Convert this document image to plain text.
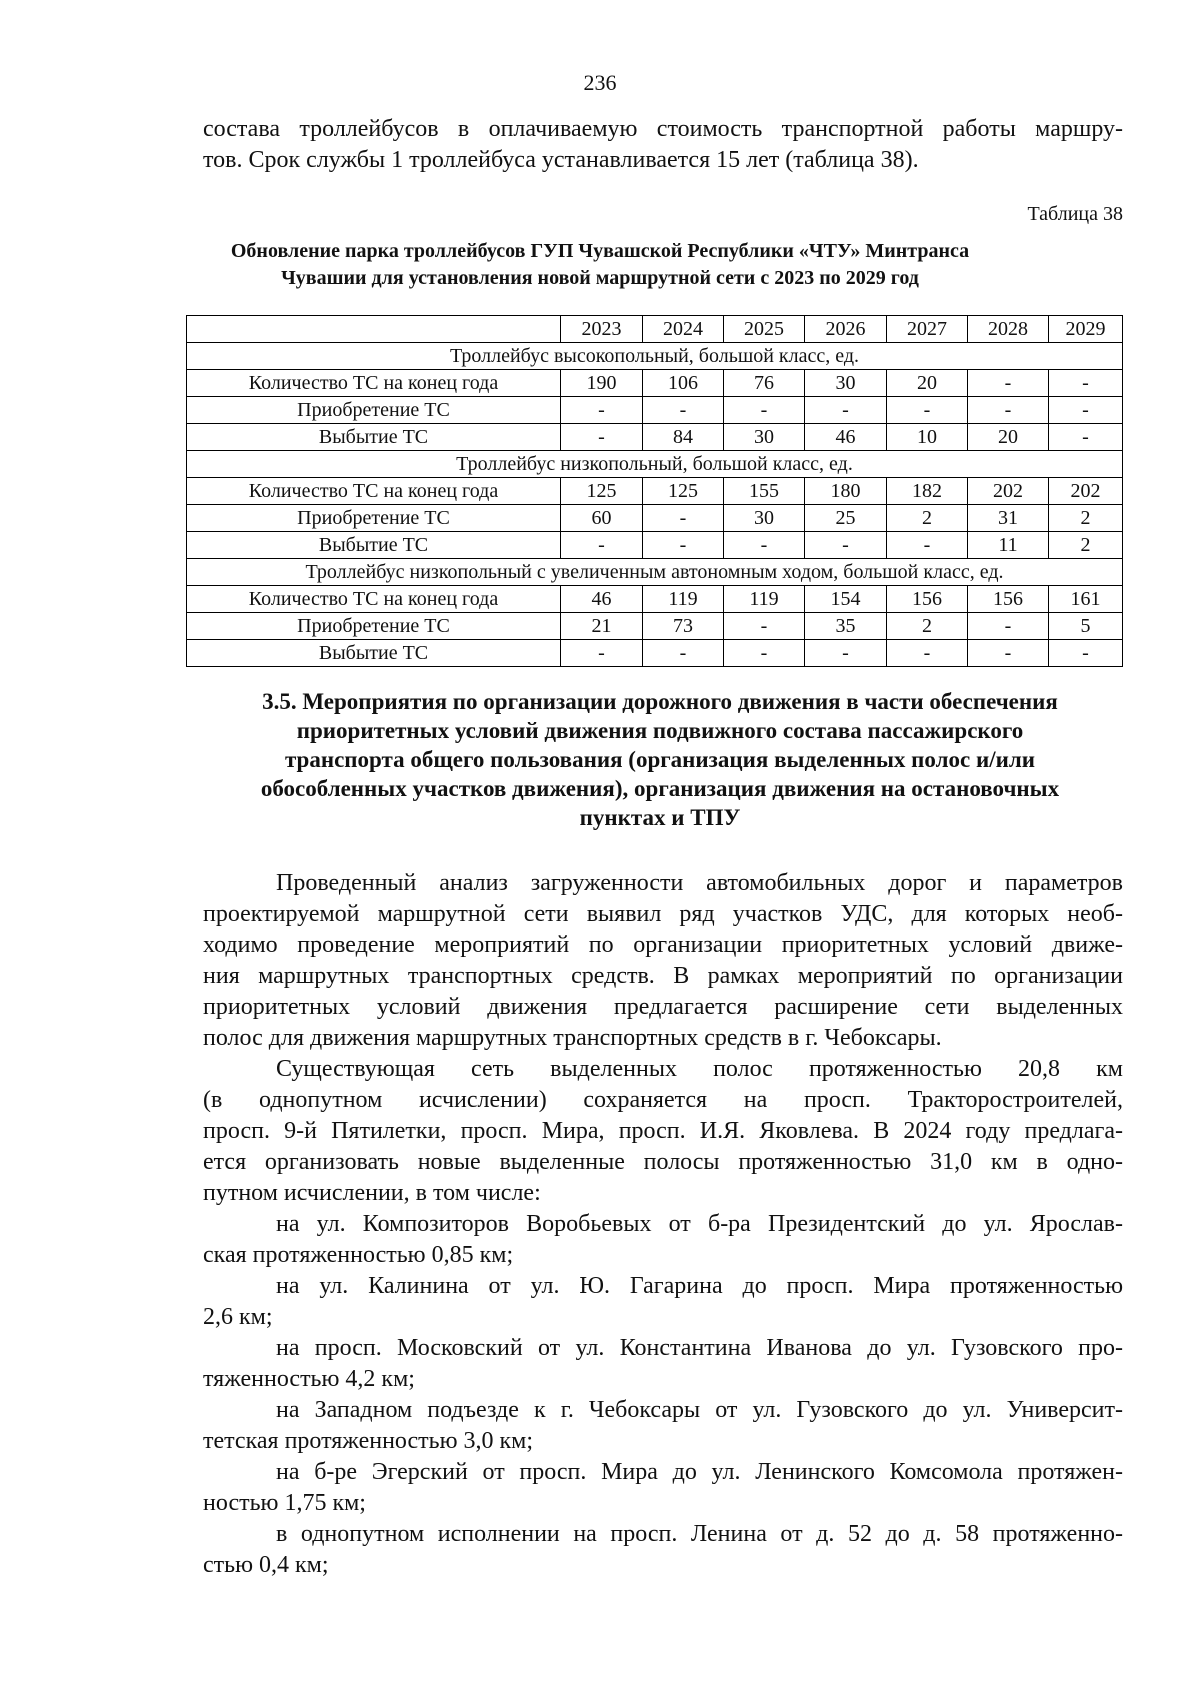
236

состава троллейбусов в оплачиваемую стоимость транспортной работы маршру-

тов. Срок службы 1 троллейбуса устанавливается 15 лет (таблица 38).

Таблица 38
Обновление парка троллейбусов ГУП Чувашской Республики «ЧТУ» Минтранса
Чувашии для установления новой маршрутной сети с 2023 по 2029 год
	2023	2024	2025	2026	2027	2028	2029
Троллейбус высокопольный, большой класс, ед.							
Количество ТС на конец года	190	106	76	30	20	-	-
Приобретение ТС	-	-	-	-	-	-	-
Выбытие ТС	-	84	30	46	10	20	-
Троллейбус низкопольный, большой класс, ед.							
Количество ТС на конец года	125	125	155	180	182	202	202
Приобретение ТС	60	-	30	25	2	31	2
Выбытие ТС	-	-	-	-	-	11	2
Троллейбус низкопольный с увеличенным автономным ходом, большой класс, ед.							
Количество ТС на конец года	46	119	119	154	156	156	161
Приобретение ТС	21	73	-	35	2	-	5
Выбытие ТС	-	-	-	-	-	-	-
3.5. Мероприятия по организации дорожного движения в части обеспечения
приоритетных условий движения подвижного состава пассажирского
транспорта общего пользования (организация выделенных полос и/или
обособленных участков движения), организация движения на остановочных
пунктах и ТПУ

Проведенный анализ загруженности автомобильных дорог и параметров

проектируемой маршрутной сети выявил ряд участков УДС, для которых необ-

ходимо проведение мероприятий по организации приоритетных условий движе-

ния маршрутных транспортных средств. В рамках мероприятий по организации

приоритетных условий движения предлагается расширение сети выделенных

полос для движения маршрутных транспортных средств в г. Чебоксары.

Существующая сеть выделенных полос протяженностью 20,8 км

(в однопутном исчислении) сохраняется на просп. Тракторостроителей,

просп. 9-й Пятилетки, просп. Мира, просп. И.Я. Яковлева. В 2024 году предлага-

ется организовать новые выделенные полосы протяженностью 31,0 км в одно-

путном исчислении, в том числе:

на ул. Композиторов Воробьевых от б-ра Президентский до ул. Ярослав-

ская протяженностью 0,85 км;

на ул. Калинина от ул. Ю. Гагарина до просп. Мира протяженностью

2,6 км;

на просп. Московский от ул. Константина Иванова до ул. Гузовского про-

тяженностью 4,2 км;

на Западном подъезде к г. Чебоксары от ул. Гузовского до ул. Университ-

тетская протяженностью 3,0 км;

на б-ре Эгерский от просп. Мира до ул. Ленинского Комсомола протяжен-

ностью 1,75 км;

в однопутном исполнении на просп. Ленина от д. 52 до д. 58 протяженно-

стью 0,4 км;
